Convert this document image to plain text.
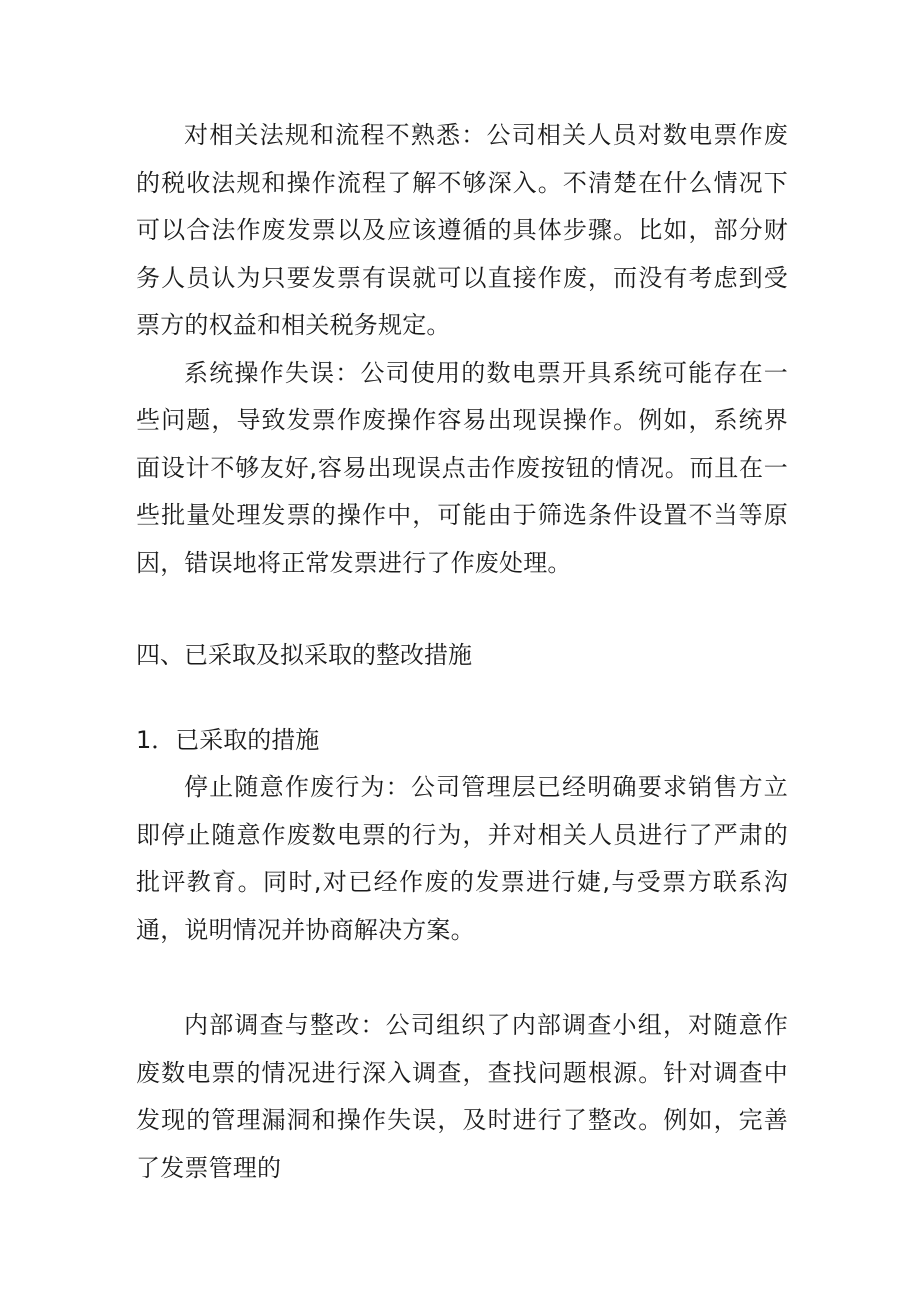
对相关法规和流程不熟悉：公司相关人员对数电票作废的税收法规和操作流程了解不够深入。不清楚在什么情况下可以合法作废发票以及应该遵循的具体步骤。比如，部分财务人员认为只要发票有误就可以直接作废，而没有考虑到受票方的权益和相关税务规定。

系统操作失误：公司使用的数电票开具系统可能存在一些问题，导致发票作废操作容易出现误操作。例如，系统界面设计不够友好,容易出现误点击作废按钮的情况。而且在一些批量处理发票的操作中，可能由于筛选条件设置不当等原因，错误地将正常发票进行了作废处理。

四、已采取及拟采取的整改措施

1．已采取的措施

停止随意作废行为：公司管理层已经明确要求销售方立即停止随意作废数电票的行为，并对相关人员进行了严肃的批评教育。同时,对已经作废的发票进行婕,与受票方联系沟通，说明情况并协商解决方案。

内部调查与整改：公司组织了内部调查小组，对随意作废数电票的情况进行深入调查，查找问题根源。针对调查中发现的管理漏洞和操作失误，及时进行了整改。例如，完善了发票管理的
